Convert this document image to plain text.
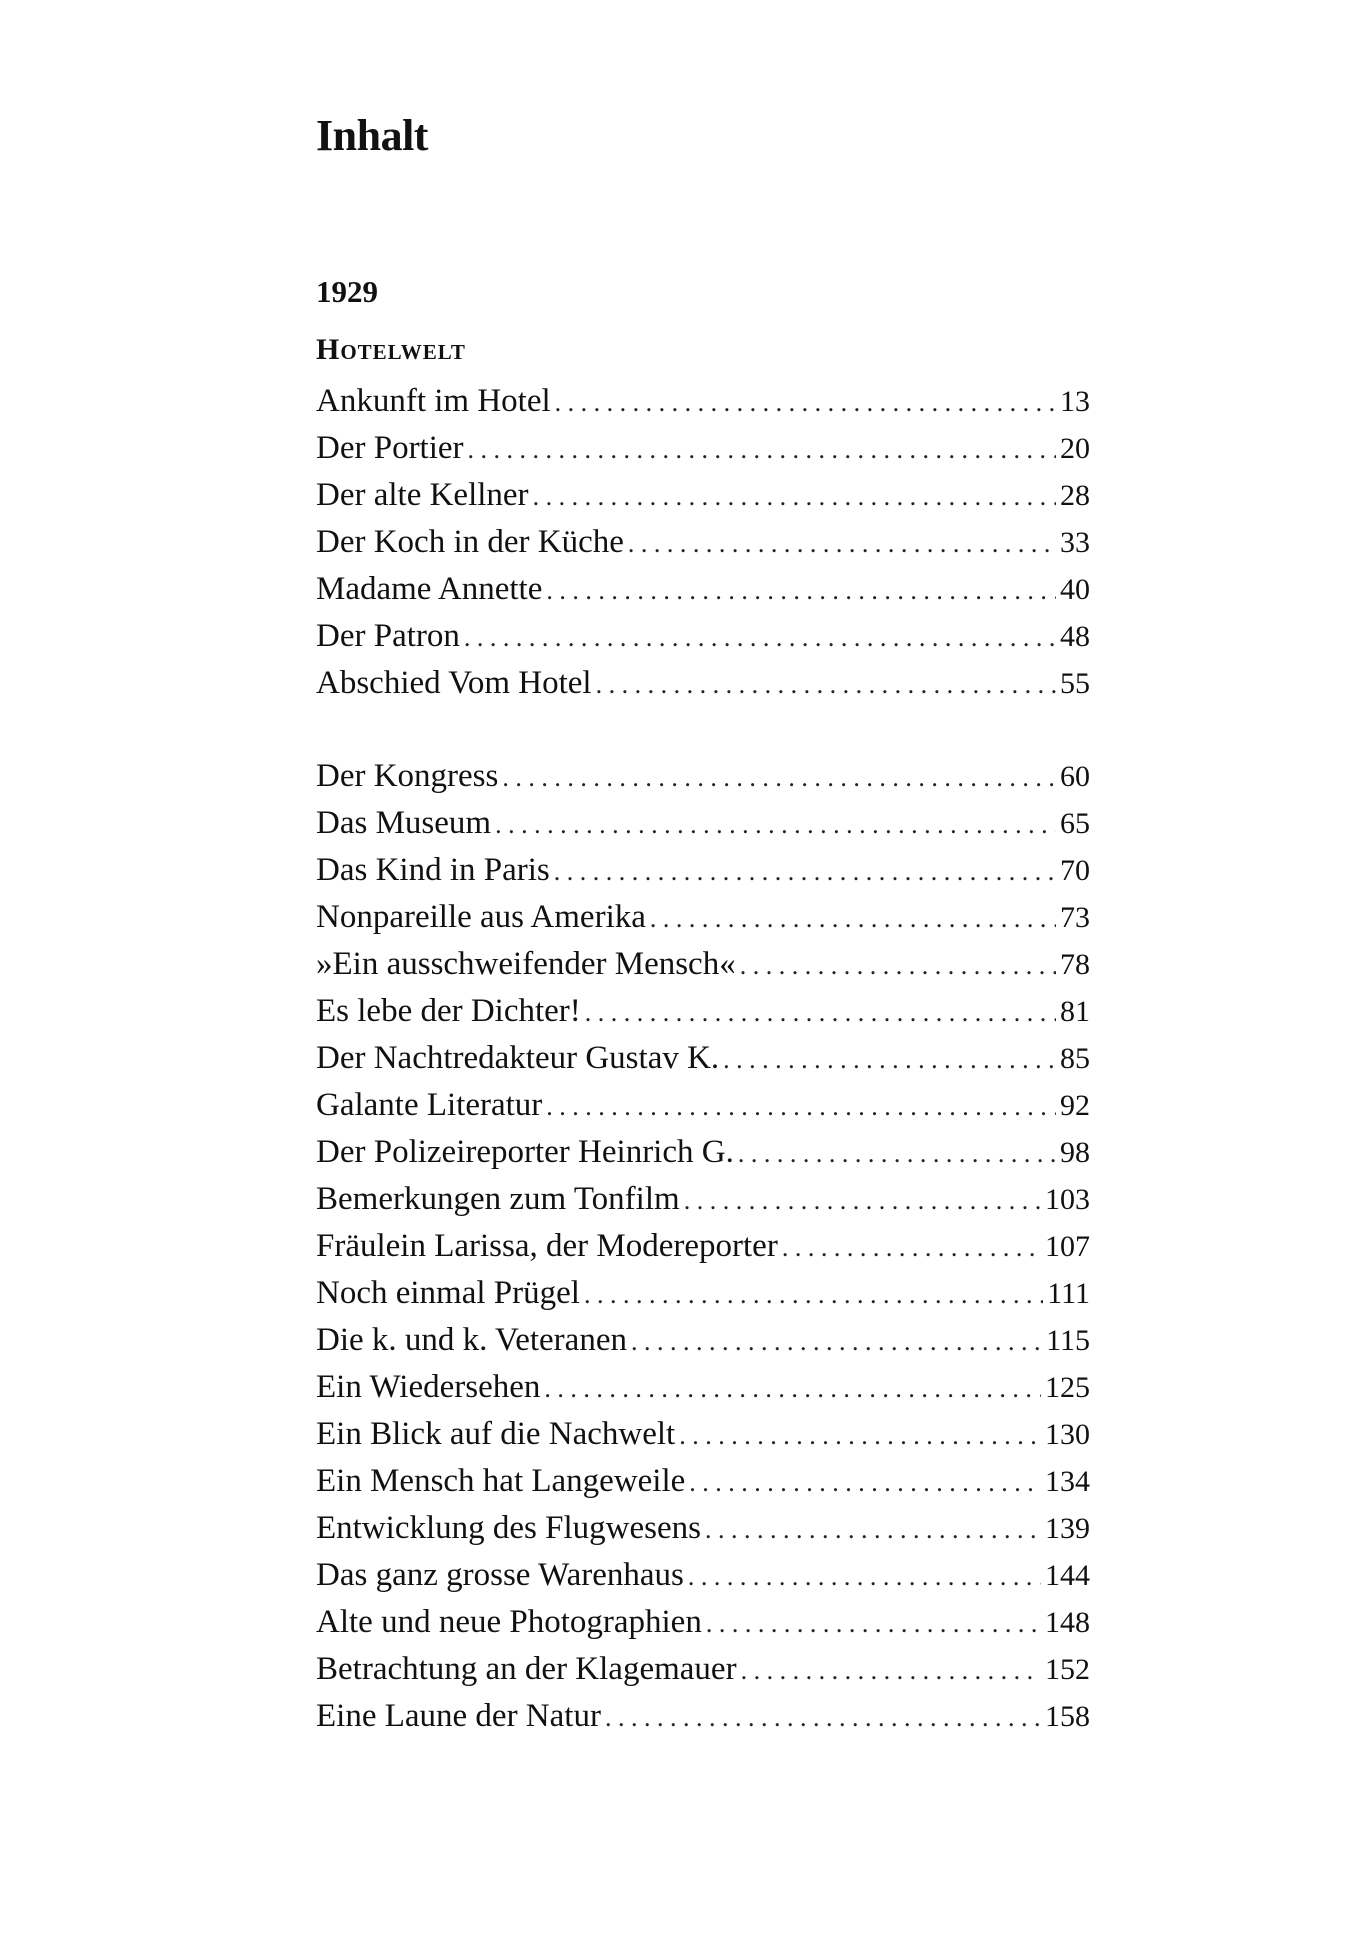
Inhalt
1929
Hotelwelt
Ankunft im Hotel . . .	13
Der Portier . . .	20
Der alte Kellner . . .	28
Der Koch in der Küche . . .	33
Madame Annette . . .	40
Der Patron . . .	48
Abschied Vom Hotel . . .	55
Der Kongress . . .	60
Das Museum . . .	65
Das Kind in Paris . . .	70
Nonpareille aus Amerika . . .	73
»Ein ausschweifender Mensch« . . .	78
Es lebe der Dichter! . . .	81
Der Nachtredakteur Gustav K. . . .	85
Galante Literatur . . .	92
Der Polizeireporter Heinrich G. . . .	98
Bemerkungen zum Tonfilm . . .	103
Fräulein Larissa, der Modereporter . . .	107
Noch einmal Prügel . . .	111
Die k. und k. Veteranen . . .	115
Ein Wiedersehen . . .	125
Ein Blick auf die Nachwelt . . .	130
Ein Mensch hat Langeweile . . .	134
Entwicklung des Flugwesens . . .	139
Das ganz grosse Warenhaus . . .	144
Alte und neue Photographien . . .	148
Betrachtung an der Klagemauer . . .	152
Eine Laune der Natur . . .	158
